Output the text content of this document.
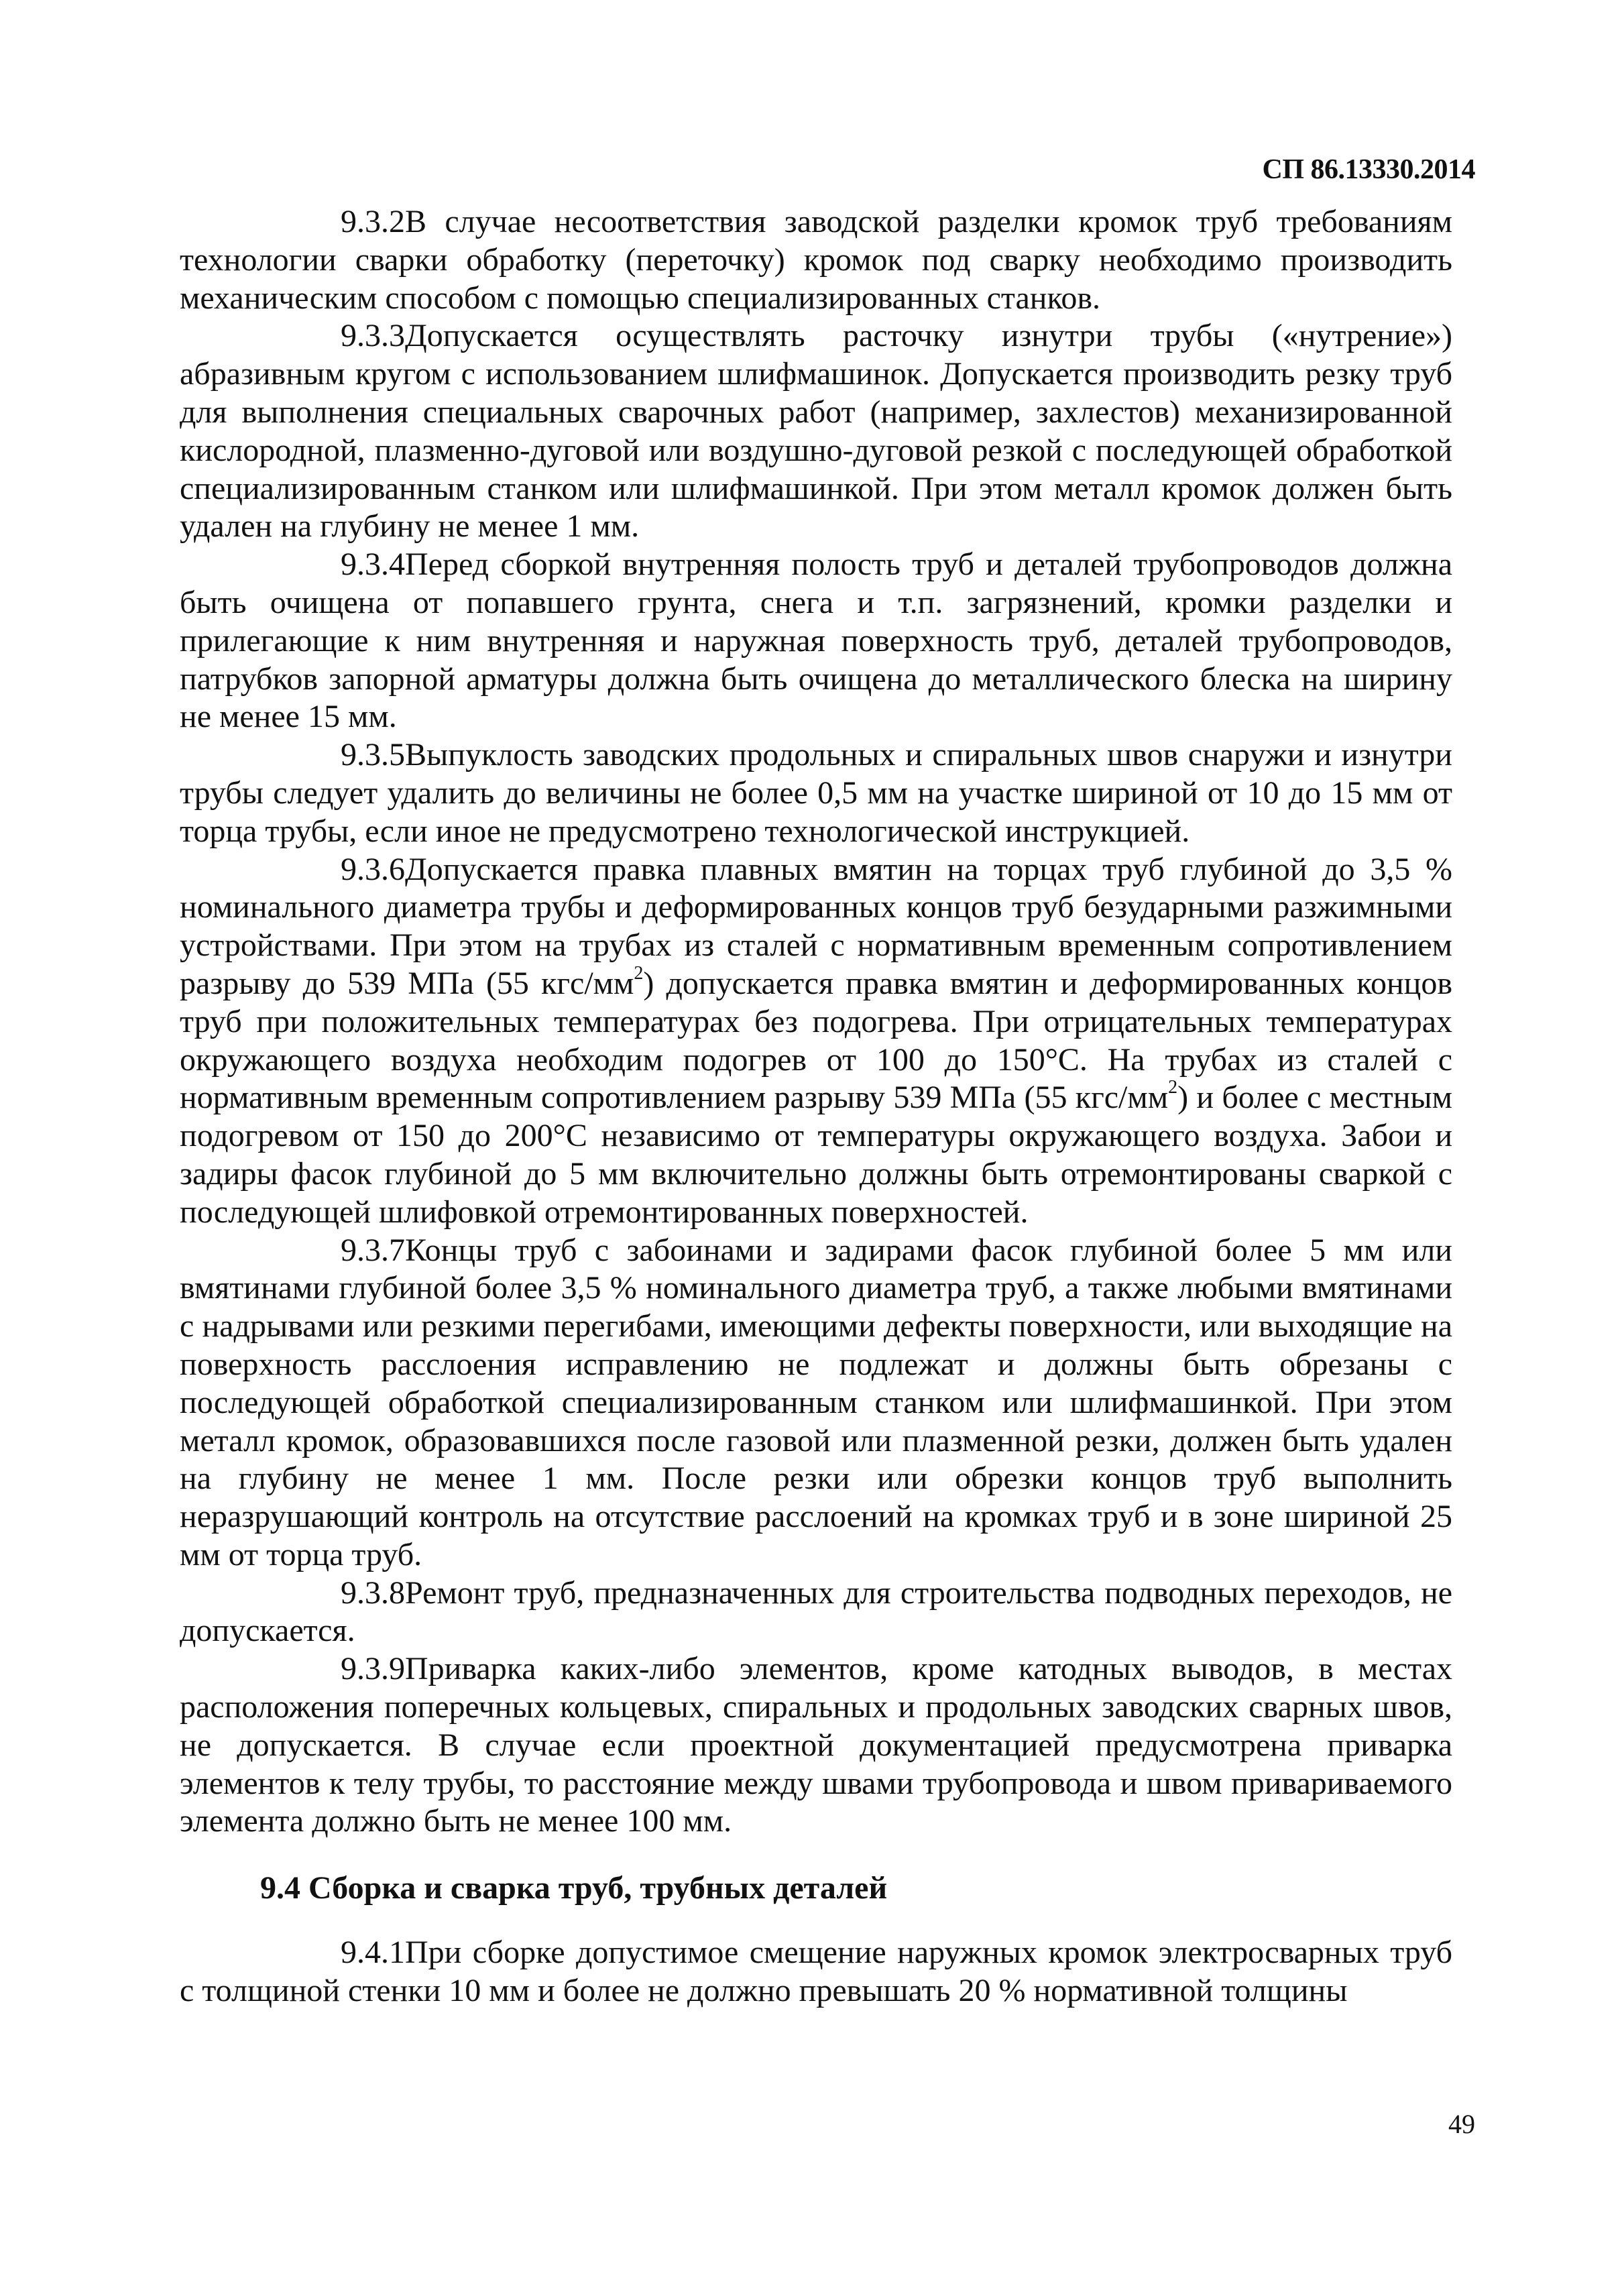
СП 86.13330.2014

9.3.2В случае несоответствия заводской разделки кромок труб требованиям технологии сварки обработку (переточку) кромок под сварку необходимо производить механическим способом с помощью специализированных станков.

9.3.3Допускается осуществлять расточку изнутри трубы («нутрение») абразивным кругом с использованием шлифмашинок. Допускается производить резку труб для выполнения специальных сварочных работ (например, захлестов) механизированной кислородной, плазменно-дуговой или воздушно-дуговой резкой с последующей обработкой специализированным станком или шлифмашинкой. При этом металл кромок должен быть удален на глубину не менее 1 мм.

9.3.4Перед сборкой внутренняя полость труб и деталей трубопроводов должна быть очищена от попавшего грунта, снега и т.п. загрязнений, кромки разделки и прилегающие к ним внутренняя и наружная поверхность труб, деталей трубопроводов, патрубков запорной арматуры должна быть очищена до металлического блеска на ширину не менее 15 мм.

9.3.5Выпуклость заводских продольных и спиральных швов снаружи и изнутри трубы следует удалить до величины не более 0,5 мм на участке шириной от 10 до 15 мм от торца трубы, если иное не предусмотрено технологической инструкцией.

9.3.6Допускается правка плавных вмятин на торцах труб глубиной до 3,5 % номинального диаметра трубы и деформированных концов труб безударными разжимными устройствами. При этом на трубах из сталей с нормативным временным сопротивлением разрыву до 539 МПа (55 кгс/$мм^2$) допускается правка вмятин и деформированных концов труб при положительных температурах без подогрева. При отрицательных температурах окружающего воздуха необходим подогрев от 100 до 150°С. На трубах из сталей с нормативным временным сопротивлением разрыву 539 МПа (55 кгс/$мм^2$) и более с местным подогревом от 150 до 200°С независимо от температуры окружающего воздуха. Забои и задиры фасок глубиной до 5 мм включительно должны быть отремонтированы сваркой с последующей шлифовкой отремонтированных поверхностей.

9.3.7Концы труб с забоинами и задирами фасок глубиной более 5 мм или вмятинами глубиной более 3,5 % номинального диаметра труб, а также любыми вмятинами с надрывами или резкими перегибами, имеющими дефекты поверхности, или выходящие на поверхность расслоения исправлению не подлежат и должны быть обрезаны с последующей обработкой специализированным станком или шлифмашинкой. При этом металл кромок, образовавшихся после газовой или плазменной резки, должен быть удален на глубину не менее 1 мм. После резки или обрезки концов труб выполнить неразрушающий контроль на отсутствие расслоений на кромках труб и в зоне шириной 25 мм от торца труб.

9.3.8Ремонт труб, предназначенных для строительства подводных переходов, не допускается.

9.3.9Приварка каких-либо элементов, кроме катодных выводов, в местах расположения поперечных кольцевых, спиральных и продольных заводских сварных швов, не допускается. В случае если проектной документацией предусмотрена приварка элементов к телу трубы, то расстояние между швами трубопровода и швом привариваемого элемента должно быть не менее 100 мм.

9.4 Сборка и сварка труб, трубных деталей

9.4.1При сборке допустимое смещение наружных кромок электросварных труб с толщиной стенки 10 мм и более не должно превышать 20 % нормативной толщины

49
